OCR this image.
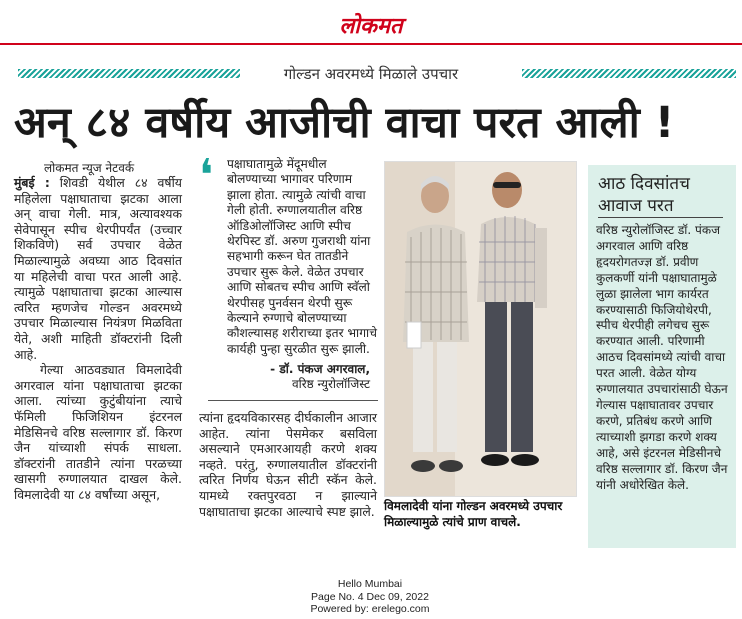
लोकमत
गोल्डन अवरमध्ये मिळाले उपचार
अन् ८४ वर्षीय आजीची वाचा परत आली !
लोकमत न्यूज नेटवर्क

मुंबई : शिवडी येथील ८४ वर्षीय महिलेला पक्षाघाताचा झटका आला अन् वाचा गेली. मात्र, अत्यावश्यक सेवेपासून स्पीच थेरपीपर्यंत (उच्चार शिकविणे) सर्व उपचार वेळेत मिळाल्यामुळे अवघ्या आठ दिवसांत या महिलेची वाचा परत आली आहे. त्यामुळे पक्षाघाताचा झटका आल्यास त्वरित म्हणजेच गोल्डन अवरमध्ये उपचार मिळाल्यास नियंत्रण मिळविता येते, अशी माहिती डॉक्टरांनी दिली आहे.

गेल्या आठवड्यात विमलादेवी अगरवाल यांना पक्षाघाताचा झटका आला. त्यांच्या कुटुंबीयांना त्याचे फॅमिली फिजिशियन इंटरनल मेडिसिनचे वरिष्ठ सल्लागार डॉ. किरण जैन यांच्याशी संपर्क साधला. डॉक्टरांनी तातडीने त्यांना परळच्या खासगी रुग्णालयात दाखल केले. विमलादेवी या ८४ वर्षांच्या असून,

❛ पक्षाघातामुळे मेंदूमधील बोलण्याच्या भागावर परिणाम झाला होता. त्यामुळे त्यांची वाचा गेली होती. रुग्णालयातील वरिष्ठ ऑडिओलॉजिस्ट आणि स्पीच थेरपिस्ट डॉ. अरुण गुजराथी यांना सहभागी करून घेत तातडीने उपचार सुरू केले. वेळेत उपचार आणि सोबतच स्पीच आणि स्वॅलो थेरपीसह पुनर्वसन थेरपी सुरू केल्याने रुग्णाचे बोलण्याच्या कौशल्यासह शरीराच्या इतर भागाचे कार्यही पुन्हा सुरळीत सुरू झाली.
- डॉ. पंकज अगरवाल,
वरिष्ठ न्युरोलॉजिस्ट

त्यांना हृदयविकारसह दीर्घकालीन आजार आहेत. त्यांना पेसमेकर बसविला असल्याने एमआरआयही करणे शक्य नव्हते. परंतु, रुग्णालयातील डॉक्टरांनी त्वरित निर्णय घेऊन सीटी स्कॅन केले. यामध्ये रक्तपुरवठा न झाल्याने पक्षाघाताचा झटका आल्याचे स्पष्ट झाले. विमलादेवी यांना गोल्डन अवरमध्ये उपचार मिळाल्यामुळे त्यांचे प्राण वाचले.
आठ दिवसांतच आवाज परत
वरिष्ठ न्युरोलॉजिस्ट डॉ. पंकज अगरवाल आणि वरिष्ठ हृदयरोगतज्ज्ञ डॉ. प्रवीण कुलकर्णी यांनी पक्षाघातामुळे लुळा झालेला भाग कार्यरत करण्यासाठी फिजियोथेरपी, स्पीच थेरपीही लगेचच सुरू करण्यात आली. परिणामी आठच दिवसांमध्ये त्यांची वाचा परत आली. वेळेत योग्य रुग्णालयात उपचारांसाठी घेऊन गेल्यास पक्षाघातावर उपचार करणे, प्रतिबंध करणे आणि त्याच्याशी झगडा करणे शक्य आहे, असे इंटरनल मेडिसीनचे वरिष्ठ सल्लागार डॉ. किरण जैन यांनी अधोरेखित केले.
Hello Mumbai
Page No. 4 Dec 09, 2022
Powered by: erelego.com
